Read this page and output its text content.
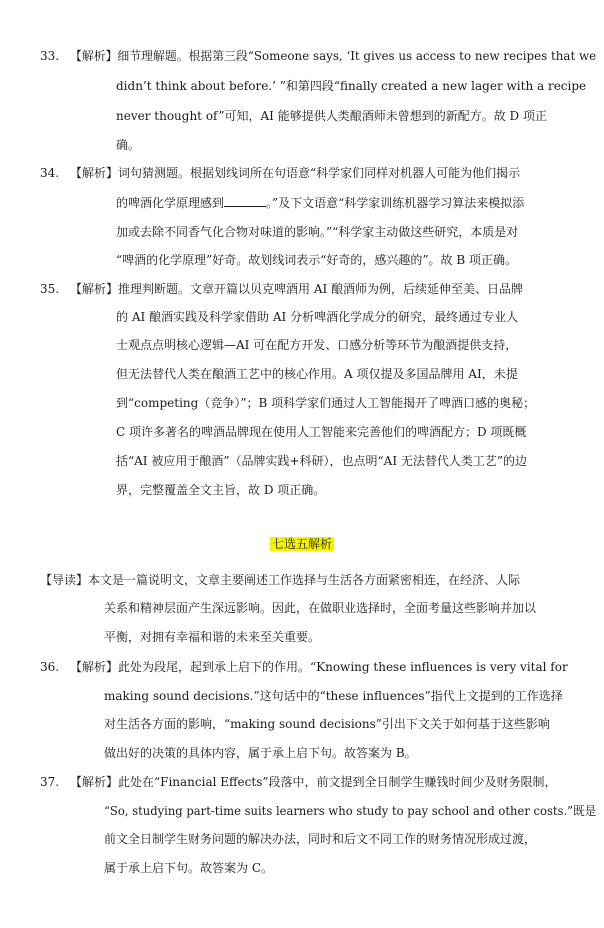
33. 【解析】细节理解题。根据第三段“Someone says, ‘It gives us access to new recipes that we
didn’t think about before.’ ”和第四段“finally created a new lager with a recipe
never thought of”可知，AI 能够提供人类酿酒师未曾想到的新配方。故 D 项正
确。
34. 【解析】词句猜测题。根据划线词所在句语意“科学家们同样对机器人可能为他们揭示
的啤酒化学原理感到	。”及下文语意“科学家训练机器学习算法来模拟添
加或去除不同香气化合物对味道的影响。”“科学家主动做这些研究，本质是对
“啤酒的化学原理”好奇。故划线词表示“好奇的，感兴趣的”。故 B 项正确。
35. 【解析】推理判断题。文章开篇以贝克啤酒用 AI 酿酒师为例，后续延伸至美、日品牌
的 AI 酿酒实践及科学家借助 AI 分析啤酒化学成分的研究，最终通过专业人
士观点点明核心逻辑—AI 可在配方开发、口感分析等环节为酿酒提供支持，
但无法替代人类在酿酒工艺中的核心作用。A 项仅提及多国品牌用 AI，未提
到“competing（竞争）”；B 项科学家们通过人工智能揭开了啤酒口感的奥秘；
C 项许多著名的啤酒品牌现在使用人工智能来完善他们的啤酒配方；D 项既概
括“AI 被应用于酿酒”（品牌实践+科研），也点明“AI 无法替代人类工艺”的边
界，完整覆盖全文主旨，故 D 项正确。
七选五解析
【导读】本文是一篇说明文，文章主要阐述工作选择与生活各方面紧密相连，在经济、人际
关系和精神层面产生深远影响。因此，在做职业选择时，全面考量这些影响并加以
平衡，对拥有幸福和谐的未来至关重要。
36. 【解析】此处为段尾，起到承上启下的作用。“Knowing these influences is very vital for
making sound decisions.”这句话中的“these influences”指代上文提到的工作选择
对生活各方面的影响，“making sound decisions”引出下文关于如何基于这些影响
做出好的决策的具体内容，属于承上启下句。故答案为 B。
37. 【解析】此处在“Financial Effects”段落中，前文提到全日制学生赚钱时间少及财务限制，
“So, studying part-time suits learners who study to pay school and other costs.”既是
前文全日制学生财务问题的解决办法，同时和后文不同工作的财务情况形成过渡，
属于承上启下句。故答案为 C。
